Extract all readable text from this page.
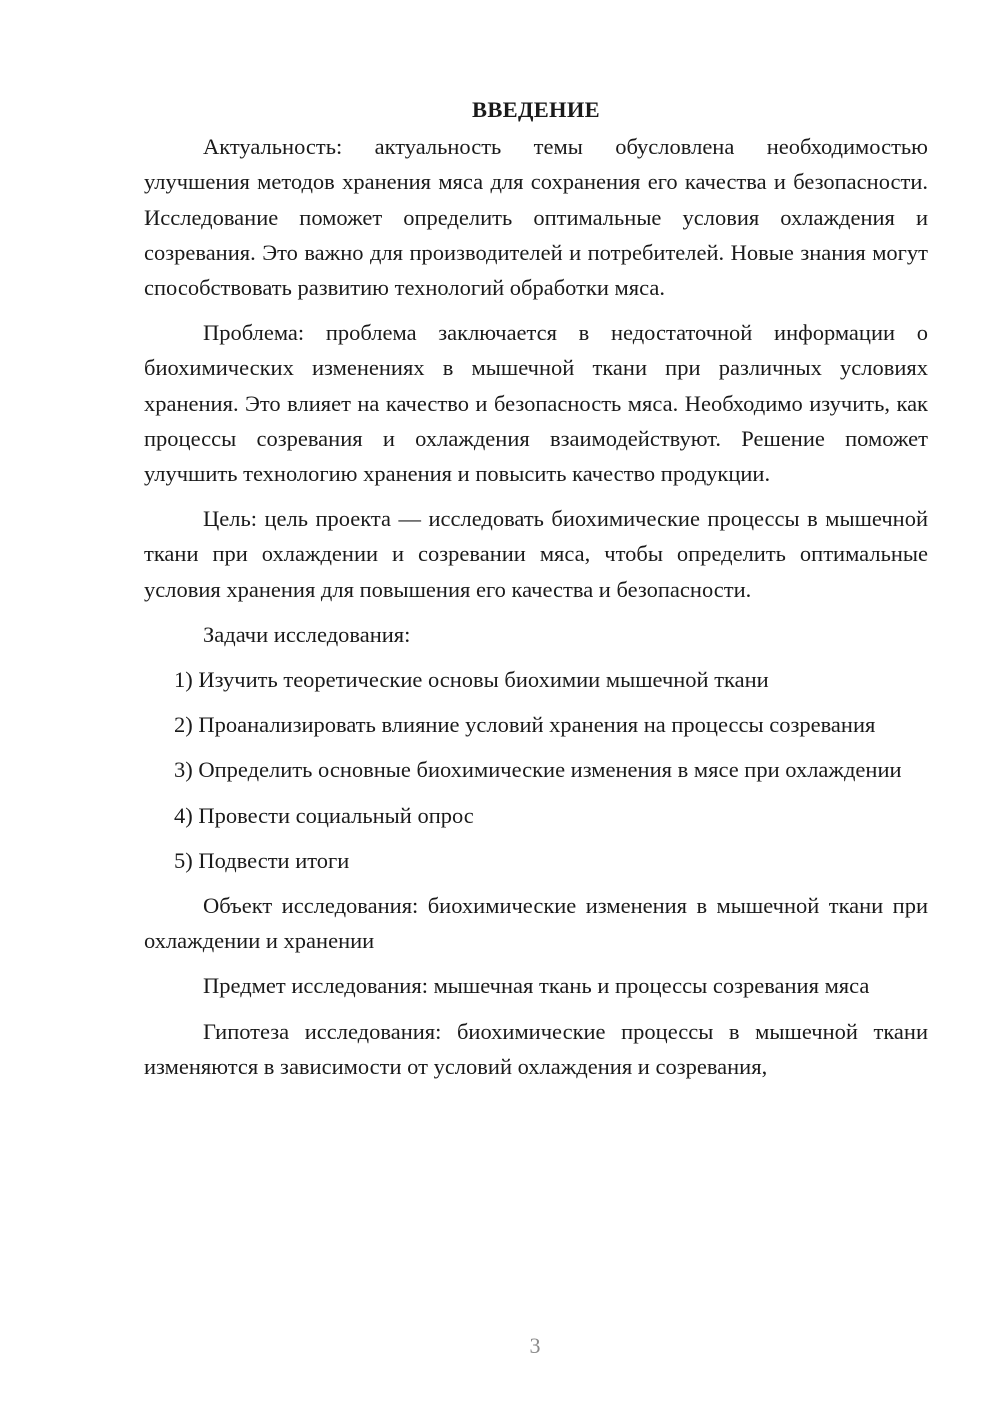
ВВЕДЕНИЕ
Актуальность: актуальность темы обусловлена необходимостью улучшения методов хранения мяса для сохранения его качества и безопасности. Исследование поможет определить оптимальные условия охлаждения и созревания. Это важно для производителей и потребителей. Новые знания могут способствовать развитию технологий обработки мяса.
Проблема: проблема заключается в недостаточной информации о биохимических изменениях в мышечной ткани при различных условиях хранения. Это влияет на качество и безопасность мяса. Необходимо изучить, как процессы созревания и охлаждения взаимодействуют. Решение поможет улучшить технологию хранения и повысить качество продукции.
Цель: цель проекта — исследовать биохимические процессы в мышечной ткани при охлаждении и созревании мяса, чтобы определить оптимальные условия хранения для повышения его качества и безопасности.
Задачи исследования:
1) Изучить теоретические основы биохимии мышечной ткани
2) Проанализировать влияние условий хранения на процессы созревания
3) Определить основные биохимические изменения в мясе при охлаждении
4) Провести социальный опрос
5) Подвести итоги
Объект исследования: биохимические изменения в мышечной ткани при охлаждении и хранении
Предмет исследования: мышечная ткань и процессы созревания мяса
Гипотеза исследования: биохимические процессы в мышечной ткани изменяются в зависимости от условий охлаждения и созревания,
3
